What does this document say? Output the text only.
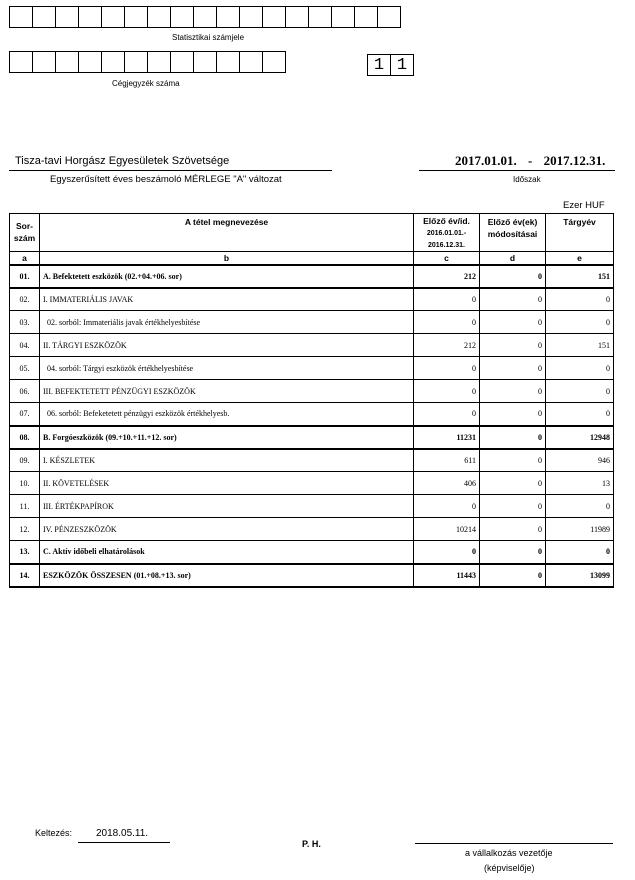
Statisztikai számjele
1 1
Cégjegyzék száma
Tisza-tavi Horgász Egyesületek Szövetsége
Egyszerűsített éves beszámoló MÉRLEGE "A" változat
2017.01.01. - 2017.12.31.
Időszak
Ezer HUF
Sor-
szám	A tétel megnevezése	Előző év/id.
2016.01.01.-
2016.12.31.	Előző év(ek)
módosításai	Tárgyév
a	b	c	d	e
01.	A. Befektetett eszközök (02.+04.+06. sor)	212	0	151
02.	I. IMMATERIÁLIS JAVAK	0	0	0
03.	02. sorból: Immateriális javak értékhelyesbítése	0	0	0
04.	II. TÁRGYI ESZKÖZÖK	212	0	151
05.	04. sorból: Tárgyi eszközök értékhelyesbítése	0	0	0
06.	III. BEFEKTETETT PÉNZÜGYI ESZKÖZÖK	0	0	0
07.	06. sorból: Befeketetett pénzügyi eszközök értékhelyesb.	0	0	0
08.	B. Forgóeszközök (09.+10.+11.+12. sor)	11231	0	12948
09.	I. KÉSZLETEK	611	0	946
10.	II. KÖVETELÉSEK	406	0	13
11.	III. ÉRTÉKPAPÍROK	0	0	0
12.	IV. PÉNZESZKÖZÖK	10214	0	11989
13.	C. Aktív időbeli elhatárolások	0	0	0
14.	ESZKÖZÖK ÖSSZESEN (01.+08.+13. sor)	11443	0	13099
Keltezés: 2018.05.11.
P. H.
a vállalkozás vezetője
(képviselője)
